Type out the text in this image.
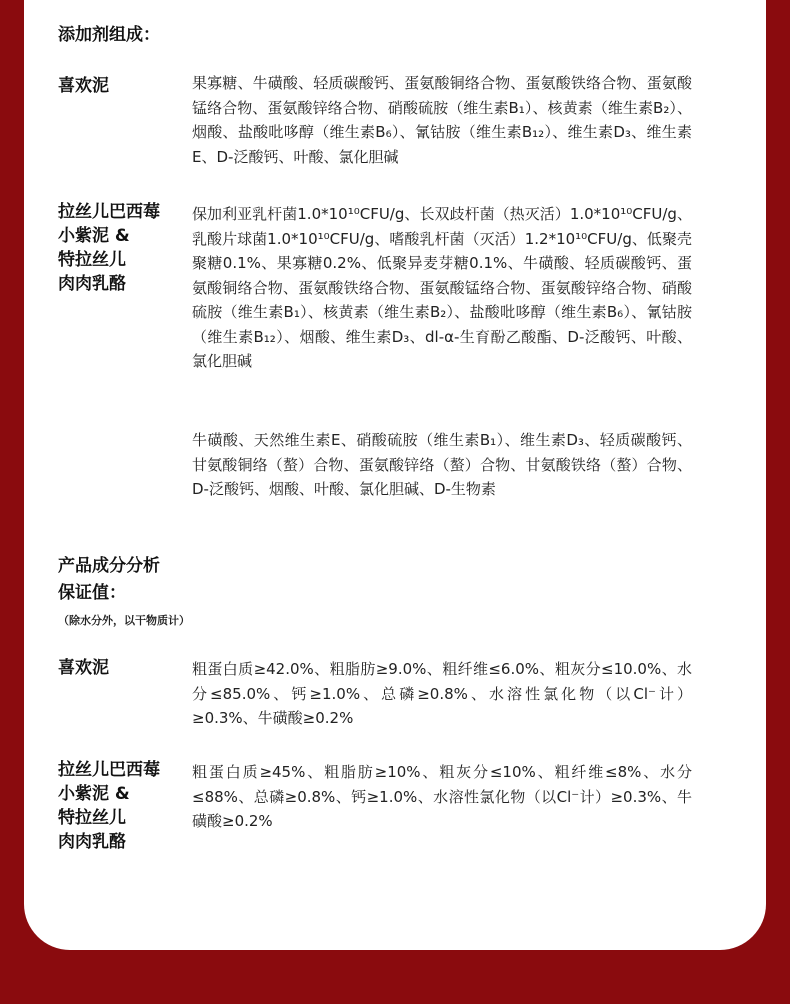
添加剂组成：
喜欢泥	果寡糖、牛磺酸、轻质碳酸钙、蛋氨酸铜络合物、蛋氨酸铁络合物、蛋氨酸锰络合物、蛋氨酸锌络合物、硝酸硫胺（维生素B₁）、核黄素（维生素B₂）、烟酸、盐酸吡哆醇（维生素B₆）、氰钴胺（维生素B₁₂）、维生素D₃、维生素E、D-泛酸钙、叶酸、氯化胆碱
拉丝儿巴西莓
小紫泥 &
特拉丝儿
肉肉乳酪
保加利亚乳杆菌1.0*10¹⁰CFU/g、长双歧杆菌（热灭活）1.0*10¹⁰CFU/g、乳酸片球菌1.0*10¹⁰CFU/g、嗜酸乳杆菌（灭活）1.2*10¹⁰CFU/g、低聚壳聚糖0.1%、果寡糖0.2%、低聚异麦芽糖0.1%、牛磺酸、轻质碳酸钙、蛋氨酸铜络合物、蛋氨酸铁络合物、蛋氨酸锰络合物、蛋氨酸锌络合物、硝酸硫胺（维生素B₁）、核黄素（维生素B₂）、盐酸吡哆醇（维生素B₆）、氰钴胺（维生素B₁₂）、烟酸、维生素D₃、dl-α-生育酚乙酸酯、D-泛酸钙、叶酸、氯化胆碱
牛磺酸、天然维生素E、硝酸硫胺（维生素B₁）、维生素D₃、轻质碳酸钙、甘氨酸铜络（螯）合物、蛋氨酸锌络（螯）合物、甘氨酸铁络（螯）合物、D-泛酸钙、烟酸、叶酸、氯化胆碱、D-生物素
产品成分分析
保证值：
（除水分外，以干物质计）
喜欢泥	粗蛋白质≥42.0%、粗脂肪≥9.0%、粗纤维≤6.0%、粗灰分≤10.0%、水分≤85.0%、钙≥1.0%、总磷≥0.8%、水溶性氯化物（以Cl⁻计）≥0.3%、牛磺酸≥0.2%
拉丝儿巴西莓
小紫泥 &
特拉丝儿
肉肉乳酪
粗蛋白质≥45%、粗脂肪≥10%、粗灰分≤10%、粗纤维≤8%、水分≤88%、总磷≥0.8%、钙≥1.0%、水溶性氯化物（以Cl⁻计）≥0.3%、牛磺酸≥0.2%
